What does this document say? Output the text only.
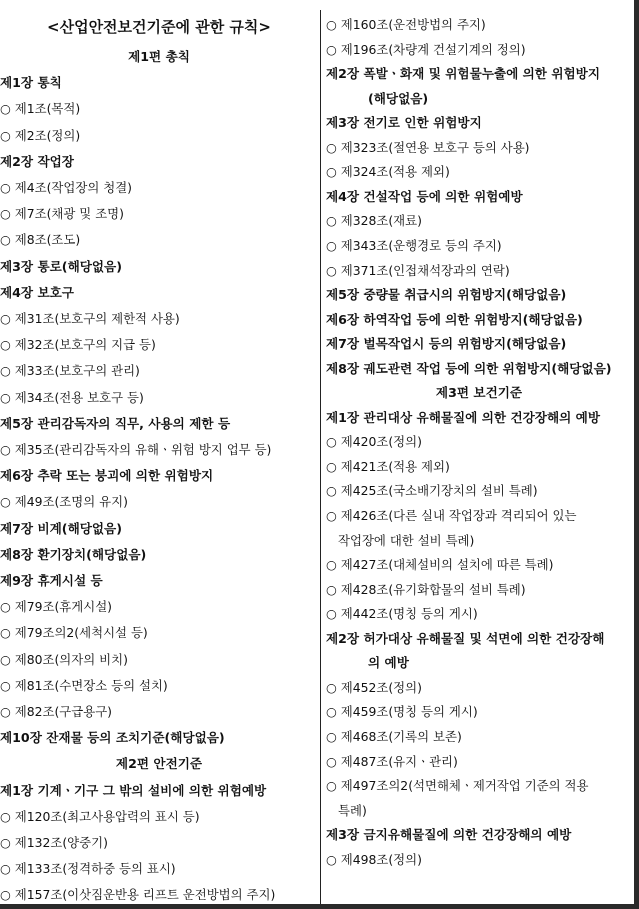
<산업안전보건기준에 관한 규칙>
제1편 총칙
제1장 통칙
○ 제1조(목적)
○ 제2조(정의)
제2장 작업장
○ 제4조(작업장의 청결)
○ 제7조(채광 및 조명)
○ 제8조(조도)
제3장 통로(해당없음)
제4장 보호구
○ 제31조(보호구의 제한적 사용)
○ 제32조(보호구의 지급 등)
○ 제33조(보호구의 관리)
○ 제34조(전용 보호구 등)
제5장 관리감독자의 직무, 사용의 제한 등
○ 제35조(관리감독자의 유해ㆍ위험 방지 업무 등)
제6장 추락 또는 붕괴에 의한 위험방지
○ 제49조(조명의 유지)
제7장 비계(해당없음)
제8장 환기장치(해당없음)
제9장 휴게시설 등
○ 제79조(휴게시설)
○ 제79조의2(세척시설 등)
○ 제80조(의자의 비치)
○ 제81조(수면장소 등의 설치)
○ 제82조(구급용구)
제10장 잔재물 등의 조치기준(해당없음)
제2편 안전기준
제1장 기계ㆍ기구 그 밖의 설비에 의한 위험예방
○ 제120조(최고사용압력의 표시 등)
○ 제132조(양중기)
○ 제133조(정격하중 등의 표시)
○ 제157조(이삿짐운반용 리프트 운전방법의 주지)
○ 제160조(운전방법의 주지)
○ 제196조(차량계 건설기계의 정의)
제2장 폭발ㆍ화재 및 위험물누출에 의한 위험방지
(해당없음)
제3장 전기로 인한 위험방지
○ 제323조(절연용 보호구 등의 사용)
○ 제324조(적용 제외)
제4장 건설작업 등에 의한 위험예방
○ 제328조(재료)
○ 제343조(운행경로 등의 주지)
○ 제371조(인접채석장과의 연락)
제5장 중량물 취급시의 위험방지(해당없음)
제6장 하역작업 등에 의한 위험방지(해당없음)
제7장 벌목작업시 등의 위험방지(해당없음)
제8장 궤도관련 작업 등에 의한 위험방지(해당없음)
제3편 보건기준
제1장 관리대상 유해물질에 의한 건강장해의 예방
○ 제420조(정의)
○ 제421조(적용 제외)
○ 제425조(국소배기장치의 설비 특례)
○ 제426조(다른 실내 작업장과 격리되어 있는
작업장에 대한 설비 특례)
○ 제427조(대체설비의 설치에 따른 특례)
○ 제428조(유기화합물의 설비 특례)
○ 제442조(명칭 등의 게시)
제2장 허가대상 유해물질 및 석면에 의한 건강장해
의 예방
○ 제452조(정의)
○ 제459조(명칭 등의 게시)
○ 제468조(기록의 보존)
○ 제487조(유지ㆍ관리)
○ 제497조의2(석면해체ㆍ제거작업 기준의 적용
특례)
제3장 금지유해물질에 의한 건강장해의 예방
○ 제498조(정의)
